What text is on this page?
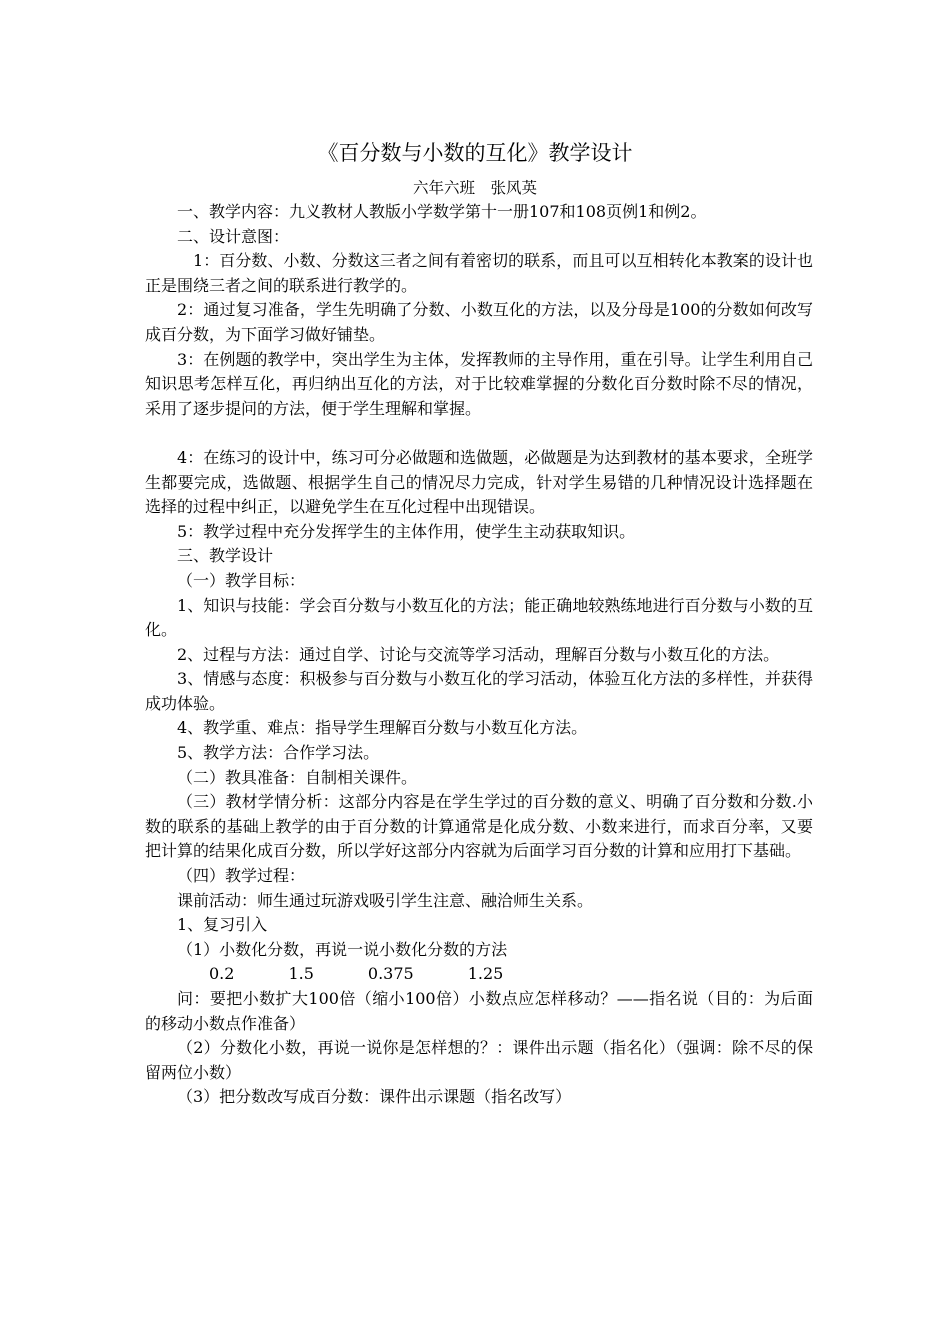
《百分数与小数的互化》教学设计
六年六班　张风英

一、教学内容：九义教材人教版小学数学第十一册107和108页例1和例2。

二、设计意图：

1：百分数、小数、分数这三者之间有着密切的联系，而且可以互相转化本教案的设计也正是围绕三者之间的联系进行教学的。

2：通过复习准备，学生先明确了分数、小数互化的方法，以及分母是100的分数如何改写成百分数，为下面学习做好铺垫。

3：在例题的教学中，突出学生为主体，发挥教师的主导作用，重在引导。让学生利用自己知识思考怎样互化，再归纳出互化的方法，对于比较难掌握的分数化百分数时除不尽的情况，采用了逐步提问的方法，便于学生理解和掌握。

4：在练习的设计中，练习可分必做题和选做题，必做题是为达到教材的基本要求，全班学生都要完成，选做题、根据学生自己的情况尽力完成，针对学生易错的几种情况设计选择题在选择的过程中纠正，以避免学生在互化过程中出现错误。

5：教学过程中充分发挥学生的主体作用，使学生主动获取知识。

三、教学设计

（一）教学目标：

1、知识与技能：学会百分数与小数互化的方法；能正确地较熟练地进行百分数与小数的互化。

2、过程与方法：通过自学、讨论与交流等学习活动，理解百分数与小数互化的方法。

3、情感与态度：积极参与百分数与小数互化的学习活动，体验互化方法的多样性，并获得成功体验。

4、教学重、难点：指导学生理解百分数与小数互化方法。

5、教学方法：合作学习法。

（二）教具准备：自制相关课件。

（三）教材学情分析：这部分内容是在学生学过的百分数的意义、明确了百分数和分数.小数的联系的基础上教学的由于百分数的计算通常是化成分数、小数来进行，而求百分率，又要把计算的结果化成百分数，所以学好这部分内容就为后面学习百分数的计算和应用打下基础。

（四）教学过程：

课前活动：师生通过玩游戏吸引学生注意、融洽师生关系。

1、复习引入

（1）小数化分数，再说一说小数化分数的方法

0.2	1.5	0.375	1.25

问：要把小数扩大100倍（缩小100倍）小数点应怎样移动？——指名说（目的：为后面的移动小数点作准备）

（2）分数化小数，再说一说你是怎样想的？：课件出示题（指名化）（强调：除不尽的保留两位小数）

（3）把分数改写成百分数：课件出示课题（指名改写）
